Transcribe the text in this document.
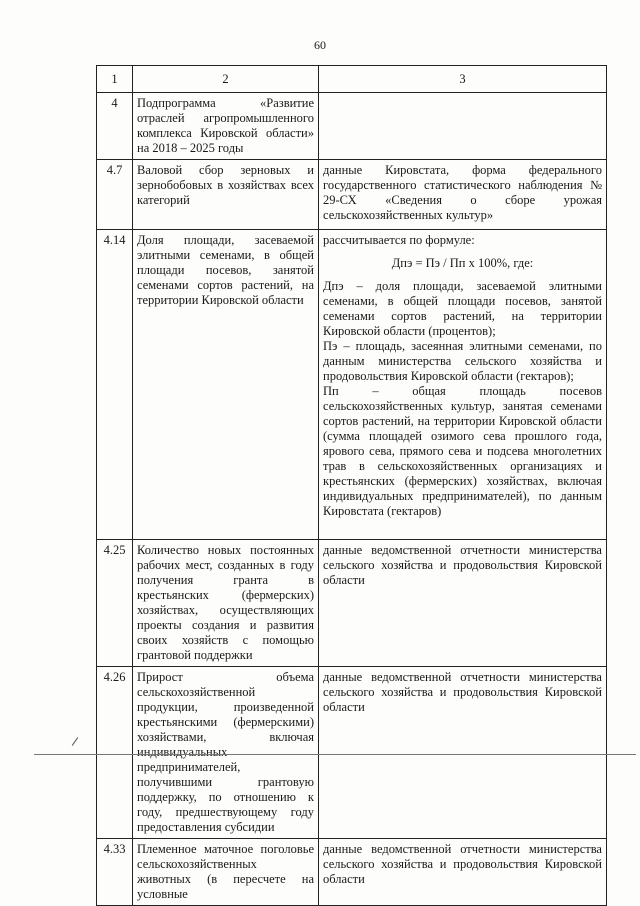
60
1	2	3
4	Подпрограмма «Развитие отраслей агропромышленного комплекса Кировской области» на 2018 – 2025 годы	
4.7	Валовой сбор зерновых и зернобобовых в хозяйствах всех категорий	данные Кировстата, форма федерального государственного статистического наблюдения № 29-СХ «Сведения о сборе урожая сельскохозяйственных культур»
4.14	Доля площади, засеваемой элитными семенами, в общей площади посевов, занятой семенами сортов растений, на территории Кировской области	рассчитывается по формуле:

Дпэ = Пэ / Пп х 100%, где:

Дпэ – доля площади, засеваемой элитными семенами, в общей площади посевов, занятой семенами сортов растений, на территории Кировской области (процентов);

Пэ – площадь, засеянная элитными семенами, по данным министерства сельского хозяйства и продовольствия Кировской области (гектаров);

Пп – общая площадь посевов сельскохозяйственных культур, занятая семенами сортов растений, на территории Кировской области (сумма площадей озимого сева прошлого года, ярового сева, прямого сева и подсева многолетних трав в сельскохозяйственных организациях и крестьянских (фермерских) хозяйствах, включая индивидуальных предпринимателей), по данным Кировстата (гектаров)

4.25	Количество новых постоянных рабочих мест, созданных в году получения гранта в крестьянских (фермерских) хозяйствах, осуществляющих проекты создания и развития своих хозяйств с помощью грантовой поддержки	данные ведомственной отчетности министерства сельского хозяйства и продовольствия Кировской области
4.26	Прирост объема сельскохозяйственной продукции, произведенной крестьянскими (фермерскими) хозяйствами, включая индивидуальных предпринимателей, получившими грантовую поддержку, по отношению к году, предшествующему году предоставления субсидии	данные ведомственной отчетности министерства сельского хозяйства и продовольствия Кировской области
4.33	Племенное маточное поголовье сельскохозяйственных животных (в пересчете на условные	данные ведомственной отчетности министерства сельского хозяйства и продовольствия Кировской области
